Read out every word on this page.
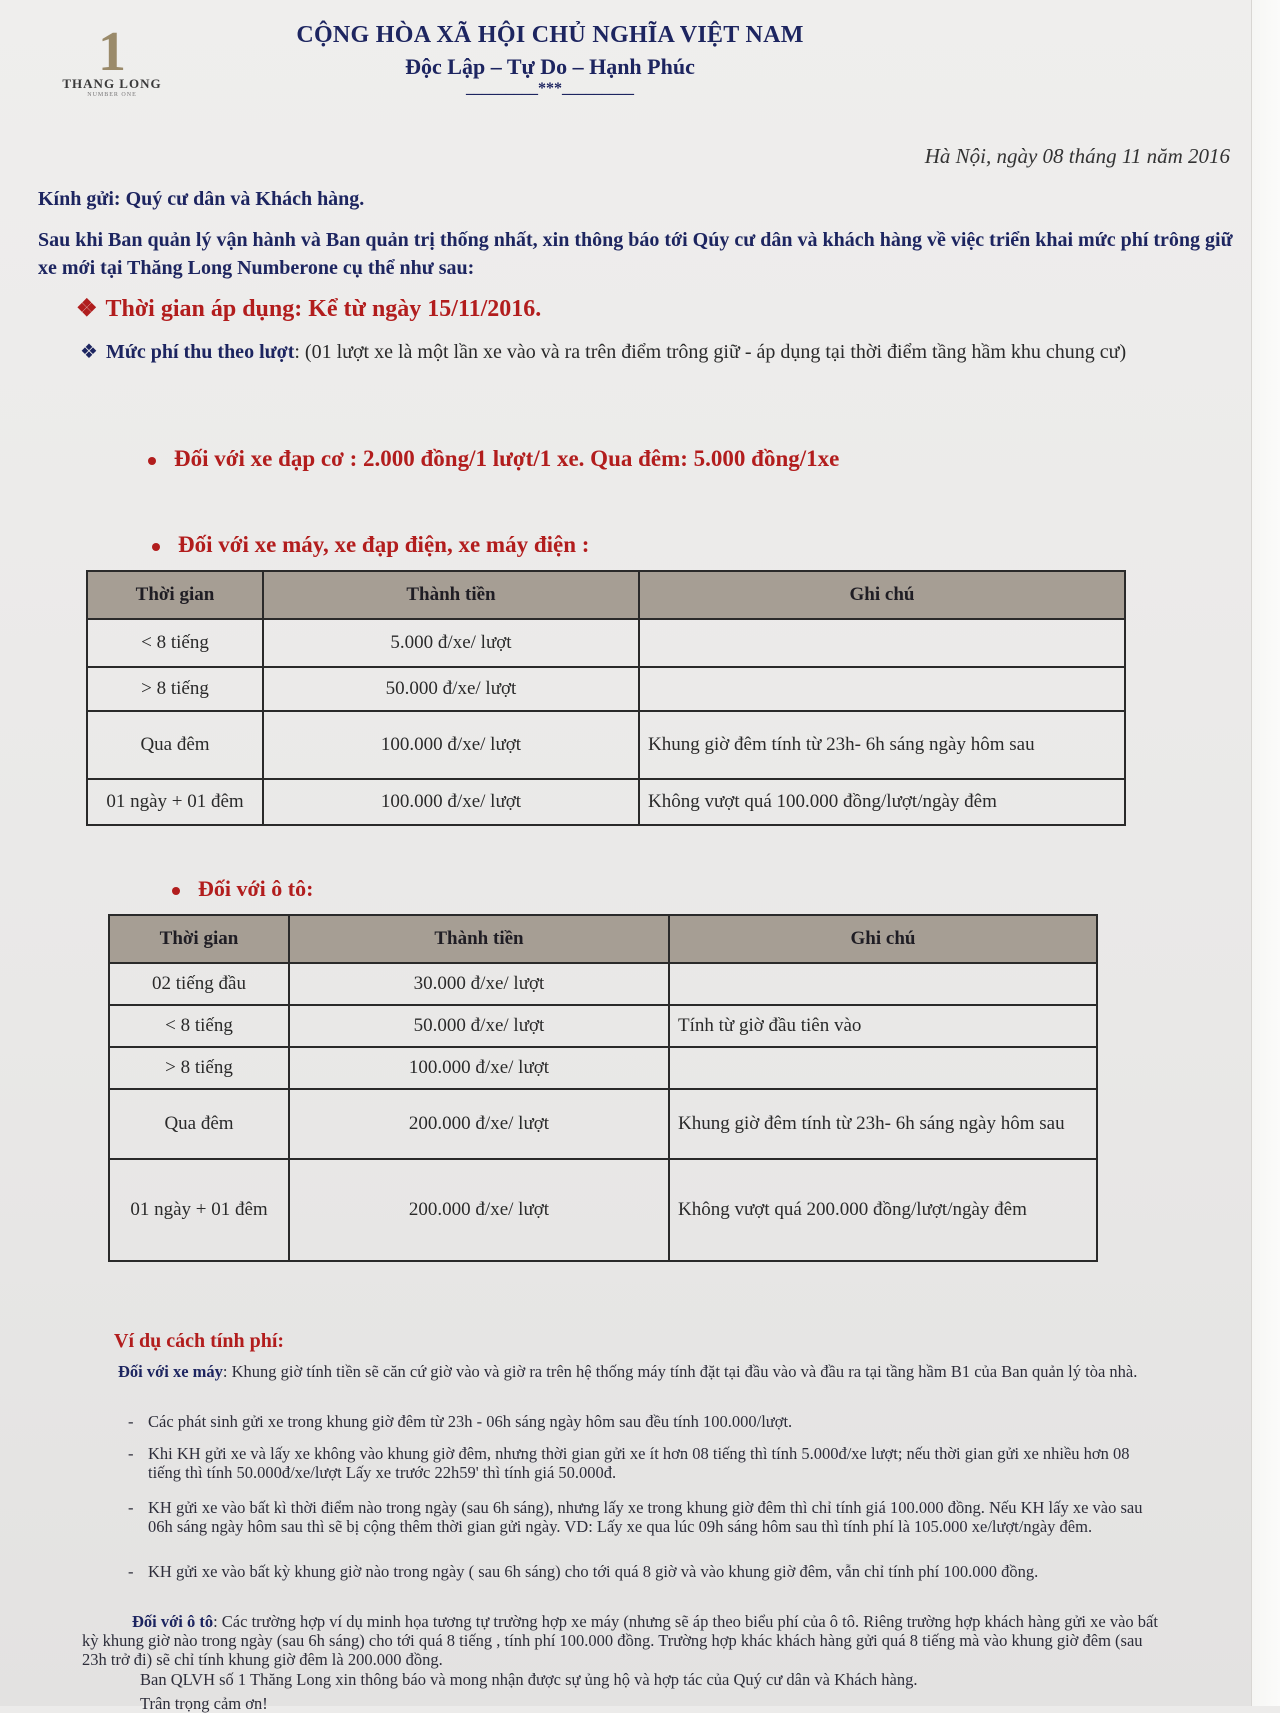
1
THANG LONG
NUMBER ONE
CỘNG HÒA XÃ HỘI CHỦ NGHĨA VIỆT NAM
Độc Lập – Tự Do – Hạnh Phúc
_________***_________
Hà Nội, ngày 08 tháng 11 năm 2016
Kính gửi: Quý cư dân và Khách hàng.
Sau khi Ban quản lý vận hành và Ban quản trị thống nhất, xin thông báo tới Qúy cư dân và khách hàng về việc triển khai mức phí trông giữ xe mới tại Thăng Long Numberone cụ thể như sau:
❖ Thời gian áp dụng: Kể từ ngày 15/11/2016.
❖ Mức phí thu theo lượt: (01 lượt xe là một lần xe vào và ra trên điểm trông giữ - áp dụng tại thời điểm tầng hầm khu chung cư)
Đối với xe đạp cơ : 2.000 đồng/1 lượt/1 xe. Qua đêm: 5.000 đồng/1xe
Đối với xe máy, xe đạp điện, xe máy điện :
Thời gian	Thành tiền	Ghi chú
< 8 tiếng	5.000 đ/xe/ lượt	
> 8 tiếng	50.000 đ/xe/ lượt	
Qua đêm	100.000 đ/xe/ lượt	Khung giờ đêm tính từ 23h- 6h sáng ngày hôm sau
01 ngày + 01 đêm	100.000 đ/xe/ lượt	Không vượt quá 100.000 đồng/lượt/ngày đêm
Đối với ô tô:
Thời gian	Thành tiền	Ghi chú
02 tiếng đầu	30.000 đ/xe/ lượt	
< 8 tiếng	50.000 đ/xe/ lượt	Tính từ giờ đầu tiên vào
> 8 tiếng	100.000 đ/xe/ lượt	
Qua đêm	200.000 đ/xe/ lượt	Khung giờ đêm tính từ 23h- 6h sáng ngày hôm sau
01 ngày + 01 đêm	200.000 đ/xe/ lượt	Không vượt quá 200.000 đồng/lượt/ngày đêm
Ví dụ cách tính phí:
Đối với xe máy: Khung giờ tính tiền sẽ căn cứ giờ vào và giờ ra trên hệ thống máy tính đặt tại đầu vào và đầu ra tại tầng hầm B1 của Ban quản lý tòa nhà.
- Các phát sinh gửi xe trong khung giờ đêm từ 23h - 06h sáng ngày hôm sau đều tính 100.000/lượt.
- Khi KH gửi xe và lấy xe không vào khung giờ đêm, nhưng thời gian gửi xe ít hơn 08 tiếng thì tính 5.000đ/xe lượt; nếu thời gian gửi xe nhiều hơn 08 tiếng thì tính 50.000đ/xe/lượt Lấy xe trước 22h59' thì tính giá 50.000đ.
- KH gửi xe vào bất kì thời điểm nào trong ngày (sau 6h sáng), nhưng lấy xe trong khung giờ đêm thì chỉ tính giá 100.000 đồng. Nếu KH lấy xe vào sau 06h sáng ngày hôm sau thì sẽ bị cộng thêm thời gian gửi ngày. VD: Lấy xe qua lúc 09h sáng hôm sau thì tính phí là 105.000 xe/lượt/ngày đêm.
- KH gửi xe vào bất kỳ khung giờ nào trong ngày ( sau 6h sáng) cho tới quá 8 giờ và vào khung giờ đêm, vẫn chỉ tính phí 100.000 đồng.
Đối với ô tô: Các trường hợp ví dụ minh họa tương tự trường hợp xe máy (nhưng sẽ áp theo biểu phí của ô tô. Riêng trường hợp khách hàng gửi xe vào bất kỳ khung giờ nào trong ngày (sau 6h sáng) cho tới quá 8 tiếng , tính phí 100.000 đồng. Trường hợp khác khách hàng gửi quá 8 tiếng mà vào khung giờ đêm (sau 23h trở đi) sẽ chỉ tính khung giờ đêm là 200.000 đồng.
Ban QLVH số 1 Thăng Long xin thông báo và mong nhận được sự ủng hộ và hợp tác của Quý cư dân và Khách hàng.
Trân trọng cảm ơn!
